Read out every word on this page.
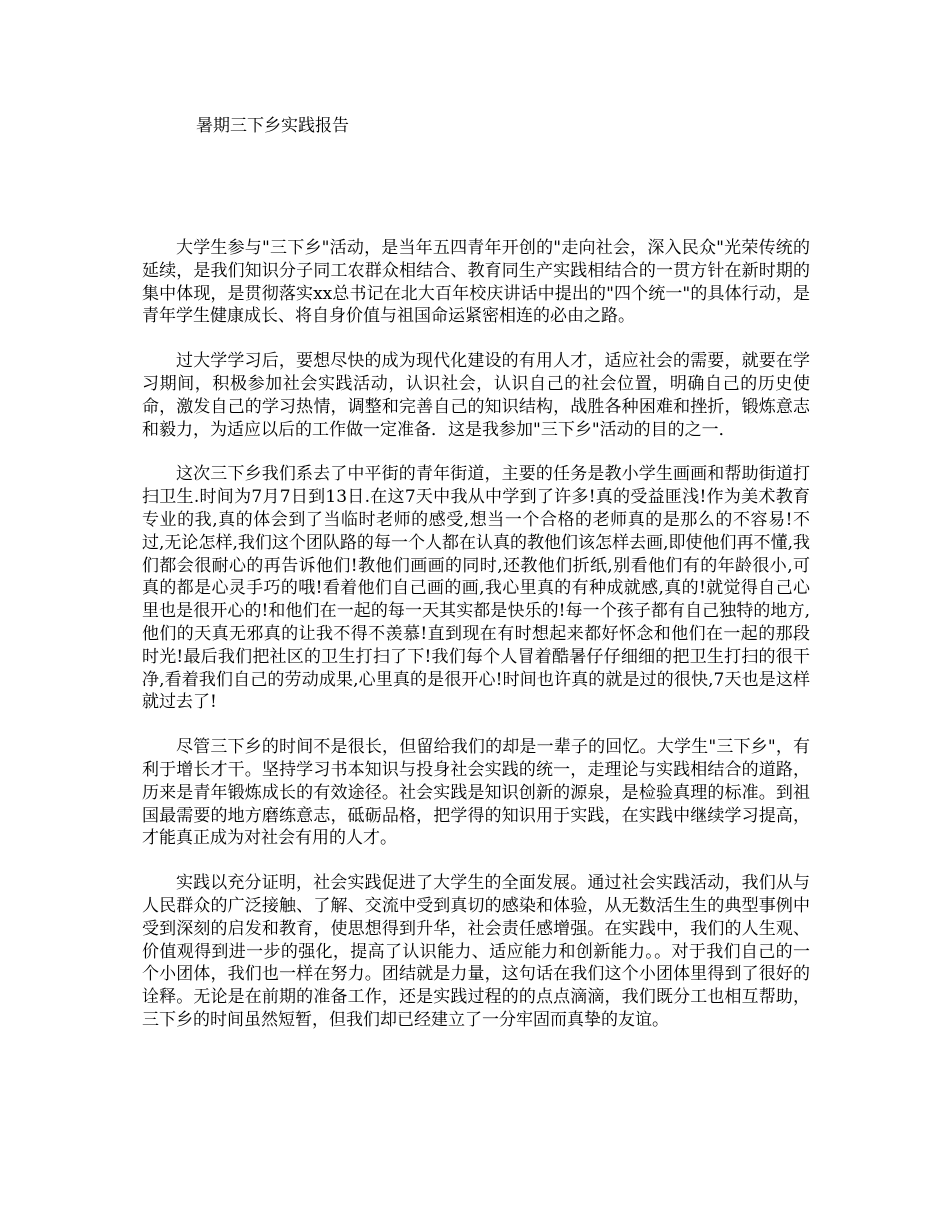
暑期三下乡实践报告

大学生参与"三下乡"活动，是当年五四青年开创的"走向社会，深入民众"光荣传统的延续，是我们知识分子同工农群众相结合、教育同生产实践相结合的一贯方针在新时期的集中体现，是贯彻落实xx总书记在北大百年校庆讲话中提出的"四个统一"的具体行动，是青年学生健康成长、将自身价值与祖国命运紧密相连的必由之路。

过大学学习后，要想尽快的成为现代化建设的有用人才，适应社会的需要，就要在学习期间，积极参加社会实践活动，认识社会，认识自己的社会位置，明确自己的历史使命，激发自己的学习热情，调整和完善自己的知识结构，战胜各种困难和挫折，锻炼意志和毅力，为适应以后的工作做一定准备．这是我参加"三下乡"活动的目的之一．

这次三下乡我们系去了中平街的青年街道，主要的任务是教小学生画画和帮助街道打扫卫生.时间为7月7日到13日.在这7天中我从中学到了许多!真的受益匪浅!作为美术教育专业的我,真的体会到了当临时老师的感受,想当一个合格的老师真的是那么的不容易!不过,无论怎样,我们这个团队路的每一个人都在认真的教他们该怎样去画,即使他们再不懂,我们都会很耐心的再告诉他们!教他们画画的同时,还教他们折纸,别看他们有的年龄很小,可真的都是心灵手巧的哦!看着他们自己画的画,我心里真的有种成就感,真的!就觉得自己心里也是很开心的!和他们在一起的每一天其实都是快乐的!每一个孩子都有自己独特的地方,他们的天真无邪真的让我不得不羡慕!直到现在有时想起来都好怀念和他们在一起的那段时光!最后我们把社区的卫生打扫了下!我们每个人冒着酷暑仔仔细细的把卫生打扫的很干净,看着我们自己的劳动成果,心里真的是很开心!时间也许真的就是过的很快,7天也是这样就过去了!

尽管三下乡的时间不是很长，但留给我们的却是一辈子的回忆。大学生"三下乡"，有利于增长才干。坚持学习书本知识与投身社会实践的统一，走理论与实践相结合的道路，历来是青年锻炼成长的有效途径。社会实践是知识创新的源泉，是检验真理的标准。到祖国最需要的地方磨练意志，砥砺品格，把学得的知识用于实践，在实践中继续学习提高，才能真正成为对社会有用的人才。

实践以充分证明，社会实践促进了大学生的全面发展。通过社会实践活动，我们从与人民群众的广泛接触、了解、交流中受到真切的感染和体验，从无数活生生的典型事例中受到深刻的启发和教育，使思想得到升华，社会责任感增强。在实践中，我们的人生观、价值观得到进一步的强化，提高了认识能力、适应能力和创新能力。。对于我们自己的一个小团体，我们也一样在努力。团结就是力量，这句话在我们这个小团体里得到了很好的诠释。无论是在前期的准备工作，还是实践过程的的点点滴滴，我们既分工也相互帮助，三下乡的时间虽然短暂，但我们却已经建立了一分牢固而真挚的友谊。
